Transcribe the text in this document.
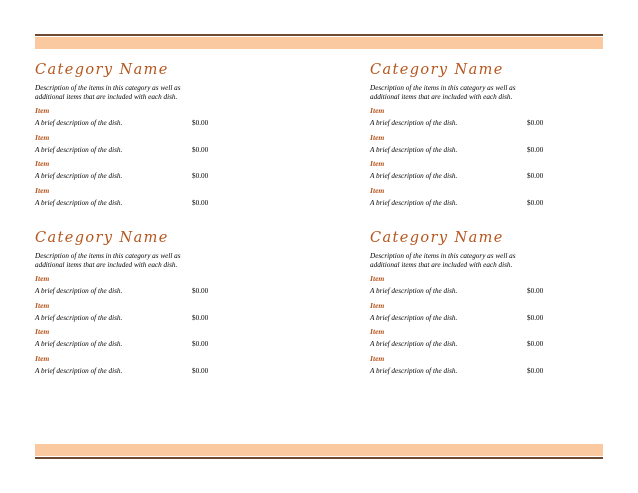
Category Name
Description of the items in this category as well as
additional items that are included with each dish.
Item
A brief description of the dish.	$0.00
Item
A brief description of the dish.	$0.00
Item
A brief description of the dish.	$0.00
Item
A brief description of the dish.	$0.00
Category Name
Description of the items in this category as well as
additional items that are included with each dish.
Item
A brief description of the dish.	$0.00
Item
A brief description of the dish.	$0.00
Item
A brief description of the dish.	$0.00
Item
A brief description of the dish.	$0.00
Category Name
Description of the items in this category as well as
additional items that are included with each dish.
Item
A brief description of the dish.	$0.00
Item
A brief description of the dish.	$0.00
Item
A brief description of the dish.	$0.00
Item
A brief description of the dish.	$0.00
Category Name
Description of the items in this category as well as
additional items that are included with each dish.
Item
A brief description of the dish.	$0.00
Item
A brief description of the dish.	$0.00
Item
A brief description of the dish.	$0.00
Item
A brief description of the dish.	$0.00
